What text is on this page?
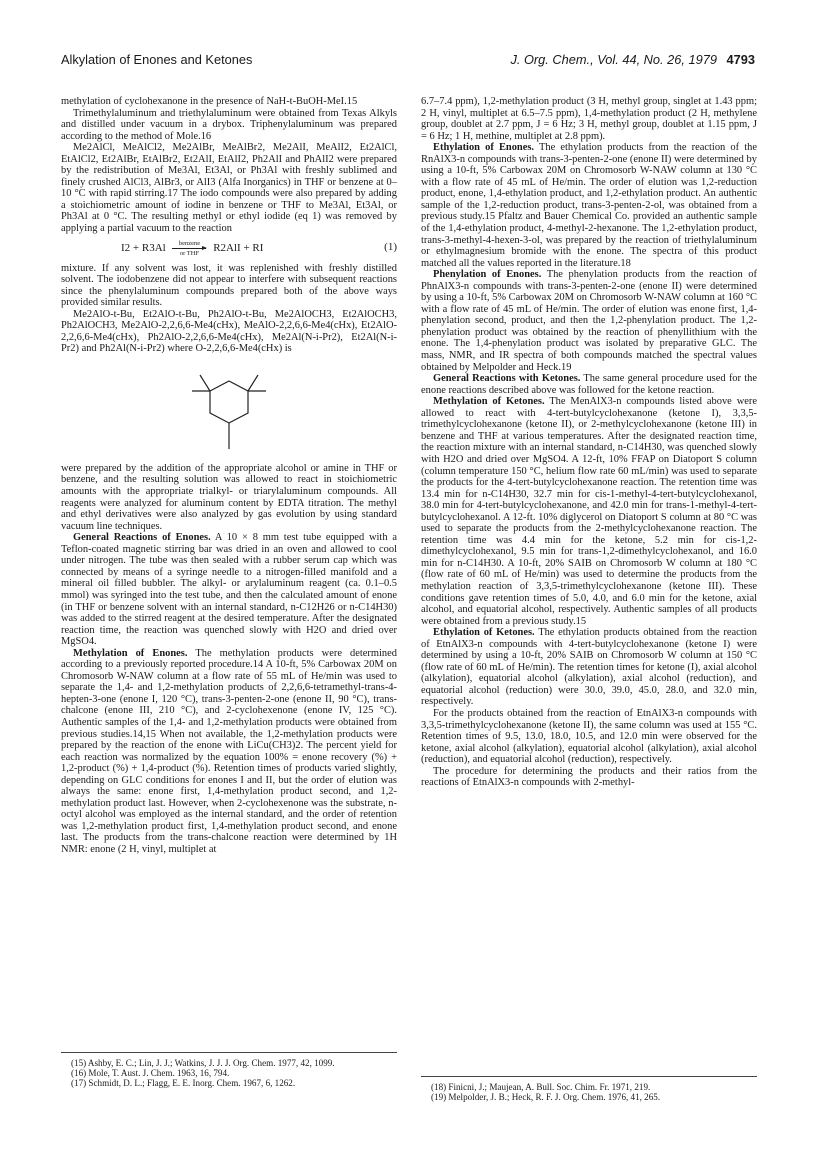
Alkylation of Enones and Ketones	J. Org. Chem., Vol. 44, No. 26, 1979 4793

methylation of cyclohexanone in the presence of NaH-t-BuOH-MeI.15

Trimethylaluminum and triethylaluminum were obtained from Texas Alkyls and distilled under vacuum in a drybox. Triphenylaluminum was prepared according to the method of Mole.16

Me2AlCl, MeAlCl2, Me2AlBr, MeAlBr2, Me2AlI, MeAlI2, Et2AlCl, EtAlCl2, Et2AlBr, EtAlBr2, Et2AlI, EtAlI2, Ph2AlI and PhAlI2 were prepared by the redistribution of Me3Al, Et3Al, or Ph3Al with freshly sublimed and finely crushed AlCl3, AlBr3, or AlI3 (Alfa Inorganics) in THF or benzene at 0–10 °C with rapid stirring.17 The iodo compounds were also prepared by adding a stoichiometric amount of iodine in benzene or THF to Me3Al, Et3Al, or Ph3Al at 0 °C. The resulting methyl or ethyl iodide (eq 1) was removed by applying a partial vacuum to the reaction

I2 + R3Al benzene
or THF R2AlI + RI	(1)

mixture. If any solvent was lost, it was replenished with freshly distilled solvent. The iodobenzene did not appear to interfere with subsequent reactions since the phenylaluminum compounds prepared both of the above ways provided similar results.

Me2AlO-t-Bu, Et2AlO-t-Bu, Ph2AlO-t-Bu, Me2AlOCH3, Et2AlOCH3, Ph2AlOCH3, Me2AlO-2,2,6,6-Me4(cHx), MeAlO-2,2,6,6-Me4(cHx), Et2AlO-2,2,6,6-Me4(cHx), Ph2AlO-2,2,6,6-Me4(cHx), Me2Al(N-i-Pr2), Et2Al(N-i-Pr2) and Ph2Al(N-i-Pr2) where O-2,2,6,6-Me4(cHx) is

were prepared by the addition of the appropriate alcohol or amine in THF or benzene, and the resulting solution was allowed to react in stoichiometric amounts with the appropriate trialkyl- or triarylaluminum compounds. All reagents were analyzed for aluminum content by EDTA titration. The methyl and ethyl derivatives were also analyzed by gas evolution by using standard vacuum line techniques.

General Reactions of Enones. A 10 × 8 mm test tube equipped with a Teflon-coated magnetic stirring bar was dried in an oven and allowed to cool under nitrogen. The tube was then sealed with a rubber serum cap which was connected by means of a syringe needle to a nitrogen-filled manifold and a mineral oil filled bubbler. The alkyl- or arylaluminum reagent (ca. 0.1–0.5 mmol) was syringed into the test tube, and then the calculated amount of enone (in THF or benzene solvent with an internal standard, n-C12H26 or n-C14H30) was added to the stirred reagent at the desired temperature. After the designated reaction time, the reaction was quenched slowly with H2O and dried over MgSO4.

Methylation of Enones. The methylation products were determined according to a previously reported procedure.14 A 10-ft, 5% Carbowax 20M on Chromosorb W-NAW column at a flow rate of 55 mL of He/min was used to separate the 1,4- and 1,2-methylation products of 2,2,6,6-tetramethyl-trans-4-hepten-3-one (enone I, 120 °C), trans-3-penten-2-one (enone II, 90 °C), trans-chalcone (enone III, 210 °C), and 2-cyclohexenone (enone IV, 125 °C). Authentic samples of the 1,4- and 1,2-methylation products were obtained from previous studies.14,15 When not available, the 1,2-methylation products were prepared by the reaction of the enone with LiCu(CH3)2. The percent yield for each reaction was normalized by the equation 100% = enone recovery (%) + 1,2-product (%) + 1,4-product (%). Retention times of products varied slightly, depending on GLC conditions for enones I and II, but the order of elution was always the same: enone first, 1,4-methylation product second, and 1,2-methylation product last. However, when 2-cyclohexenone was the substrate, n-octyl alcohol was employed as the internal standard, and the order of retention was 1,2-methylation product first, 1,4-methylation product second, and enone last. The products from the trans-chalcone reaction were determined by 1H NMR: enone (2 H, vinyl, multiplet at

6.7–7.4 ppm), 1,2-methylation product (3 H, methyl group, singlet at 1.43 ppm; 2 H, vinyl, multiplet at 6.5–7.5 ppm), 1,4-methylation product (2 H, methylene group, doublet at 2.7 ppm, J = 6 Hz; 3 H, methyl group, doublet at 1.15 ppm, J = 6 Hz; 1 H, methine, multiplet at 2.8 ppm).

Ethylation of Enones. The ethylation products from the reaction of the RnAlX3-n compounds with trans-3-penten-2-one (enone II) were determined by using a 10-ft, 5% Carbowax 20M on Chromosorb W-NAW column at 130 °C with a flow rate of 45 mL of He/min. The order of elution was 1,2-reduction product, enone, 1,4-ethylation product, and 1,2-ethylation product. An authentic sample of the 1,2-reduction product, trans-3-penten-2-ol, was obtained from a previous study.15 Pfaltz and Bauer Chemical Co. provided an authentic sample of the 1,4-ethylation product, 4-methyl-2-hexanone. The 1,2-ethylation product, trans-3-methyl-4-hexen-3-ol, was prepared by the reaction of triethylaluminum or ethylmagnesium bromide with the enone. The spectra of this product matched all the values reported in the literature.18

Phenylation of Enones. The phenylation products from the reaction of PhnAlX3-n compounds with trans-3-penten-2-one (enone II) were determined by using a 10-ft, 5% Carbowax 20M on Chromosorb W-NAW column at 160 °C with a flow rate of 45 mL of He/min. The order of elution was enone first, 1,4-phenylation second, product, and then the 1,2-phenylation product. The 1,2-phenylation product was obtained by the reaction of phenyllithium with the enone. The 1,4-phenylation product was isolated by preparative GLC. The mass, NMR, and IR spectra of both compounds matched the spectral values obtained by Melpolder and Heck.19

General Reactions with Ketones. The same general procedure used for the enone reactions described above was followed for the ketone reaction.

Methylation of Ketones. The MenAlX3-n compounds listed above were allowed to react with 4-tert-butylcyclohexanone (ketone I), 3,3,5-trimethylcyclohexanone (ketone II), or 2-methylcyclohexanone (ketone III) in benzene and THF at various temperatures. After the designated reaction time, the reaction mixture with an internal standard, n-C14H30, was quenched slowly with H2O and dried over MgSO4. A 12-ft, 10% FFAP on Diatoport S column (column temperature 150 °C, helium flow rate 60 mL/min) was used to separate the products for the 4-tert-butylcyclohexanone reaction. The retention time was 13.4 min for n-C14H30, 32.7 min for cis-1-methyl-4-tert-butylcyclohexanol, 38.0 min for 4-tert-butylcyclohexanone, and 42.0 min for trans-1-methyl-4-tert-butylcyclohexanol. A 12-ft. 10% diglycerol on Diatoport S column at 80 °C was used to separate the products from the 2-methylcyclohexanone reaction. The retention time was 4.4 min for the ketone, 5.2 min for cis-1,2-dimethylcyclohexanol, 9.5 min for trans-1,2-dimethylcyclohexanol, and 16.0 min for n-C14H30. A 10-ft, 20% SAIB on Chromosorb W column at 180 °C (flow rate of 60 mL of He/min) was used to determine the products from the methylation reaction of 3,3,5-trimethylcyclohexanone (ketone III). These conditions gave retention times of 5.0, 4.0, and 6.0 min for the ketone, axial alcohol, and equatorial alcohol, respectively. Authentic samples of all products were obtained from a previous study.15

Ethylation of Ketones. The ethylation products obtained from the reaction of EtnAlX3-n compounds with 4-tert-butylcyclohexanone (ketone I) were determined by using a 10-ft, 20% SAIB on Chromosorb W column at 150 °C (flow rate of 60 mL of He/min). The retention times for ketone (I), axial alcohol (alkylation), equatorial alcohol (alkylation), axial alcohol (reduction), and equatorial alcohol (reduction) were 30.0, 39.0, 45.0, 28.0, and 32.0 min, respectively.

For the products obtained from the reaction of EtnAlX3-n compounds with 3,3,5-trimethylcyclohexanone (ketone II), the same column was used at 155 °C. Retention times of 9.5, 13.0, 18.0, 10.5, and 12.0 min were observed for the ketone, axial alcohol (alkylation), equatorial alcohol (alkylation), axial alcohol (reduction), and equatorial alcohol (reduction), respectively.

The procedure for determining the products and their ratios from the reactions of EtnAlX3-n compounds with 2-methyl-

(15) Ashby, E. C.; Lin, J. J.; Watkins, J. J. J. Org. Chem. 1977, 42, 1099.

(16) Mole, T. Aust. J. Chem. 1963, 16, 794.

(17) Schmidt, D. L.; Flagg, E. E. Inorg. Chem. 1967, 6, 1262.	(18) Finicni, J.; Maujean, A. Bull. Soc. Chim. Fr. 1971, 219.

(19) Melpolder, J. B.; Heck, R. F. J. Org. Chem. 1976, 41, 265.
